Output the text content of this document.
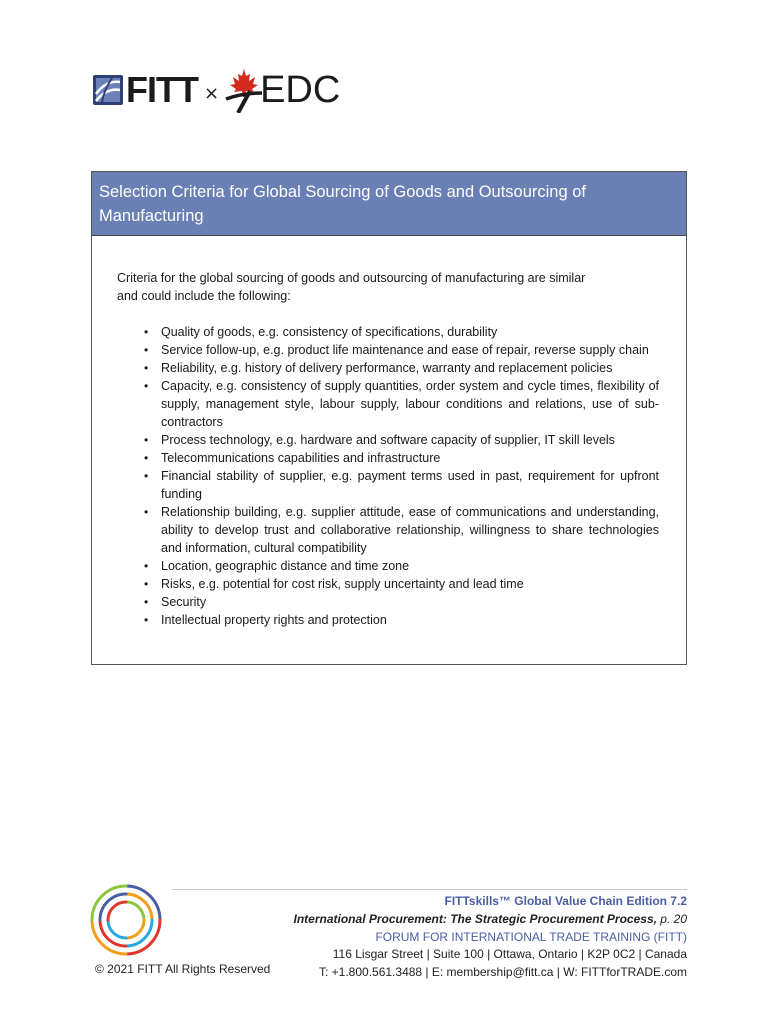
FITT × EDC
Selection Criteria for Global Sourcing of Goods and Outsourcing of Manufacturing

Criteria for the global sourcing of goods and outsourcing of manufacturing are similar and could include the following:

• Quality of goods, e.g. consistency of specifications, durability
• Service follow-up, e.g. product life maintenance and ease of repair, reverse supply chain
• Reliability, e.g. history of delivery performance, warranty and replacement policies
• Capacity, e.g. consistency of supply quantities, order system and cycle times, flexibility of supply, management style, labour supply, labour conditions and relations, use of sub-contractors
• Process technology, e.g. hardware and software capacity of supplier, IT skill levels
• Telecommunications capabilities and infrastructure
• Financial stability of supplier, e.g. payment terms used in past, requirement for upfront funding
• Relationship building, e.g. supplier attitude, ease of communications and understanding, ability to develop trust and collaborative relationship, willingness to share technologies and information, cultural compatibility
• Location, geographic distance and time zone
• Risks, e.g. potential for cost risk, supply uncertainty and lead time
• Security
• Intellectual property rights and protection
© 2021 FITT All Rights Reserved
FITTskills™ Global Value Chain Edition 7.2
International Procurement: The Strategic Procurement Process, p. 20
FORUM FOR INTERNATIONAL TRADE TRAINING (FITT)
116 Lisgar Street | Suite 100 | Ottawa, Ontario | K2P 0C2 | Canada
T: +1.800.561.3488 | E: membership@fitt.ca | W: FITTforTRADE.com
